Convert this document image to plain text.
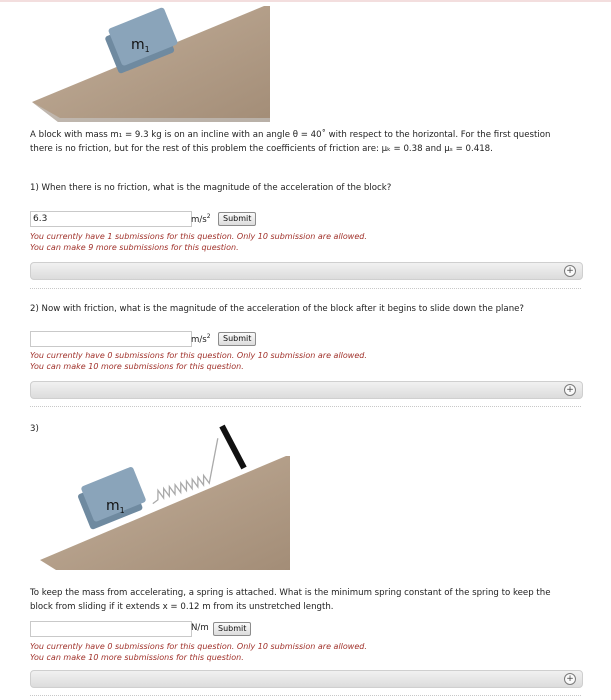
$m_1$
A block with mass m₁ = 9.3 kg is on an incline with an angle θ = 40˚ with respect to the horizontal. For the first question
there is no friction, but for the rest of this problem the coefficients of friction are: μₖ = 0.38 and μₛ = 0.418.
1) When there is no friction, what is the magnitude of the acceleration of the block?
6.3
$m/s^2$	Submit
You currently have 1 submissions for this question. Only 10 submission are allowed.
You can make 9 more submissions for this question.
+
2) Now with friction, what is the magnitude of the acceleration of the block after it begins to slide down the plane?
$m/s^2$	Submit
You currently have 0 submissions for this question. Only 10 submission are allowed.
You can make 10 more submissions for this question.
+
3)
$m_1$
To keep the mass from accelerating, a spring is attached. What is the minimum spring constant of the spring to keep the
block from sliding if it extends x = 0.12 m from its unstretched length.
N/m	Submit
You currently have 0 submissions for this question. Only 10 submission are allowed.
You can make 10 more submissions for this question.
+
